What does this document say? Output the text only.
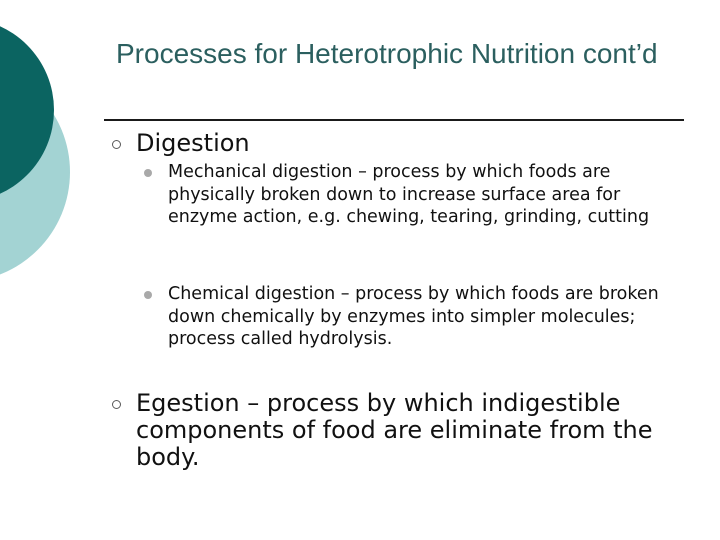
Processes for Heterotrophic Nutrition cont’d
Digestion
Mechanical digestion – process by which foods are physically broken down to increase surface area for enzyme action, e.g. chewing, tearing, grinding, cutting
Chemical digestion – process by which foods are broken down chemically by enzymes into simpler molecules; process called hydrolysis.
Egestion – process by which indigestible components of food are eliminate from the body.
